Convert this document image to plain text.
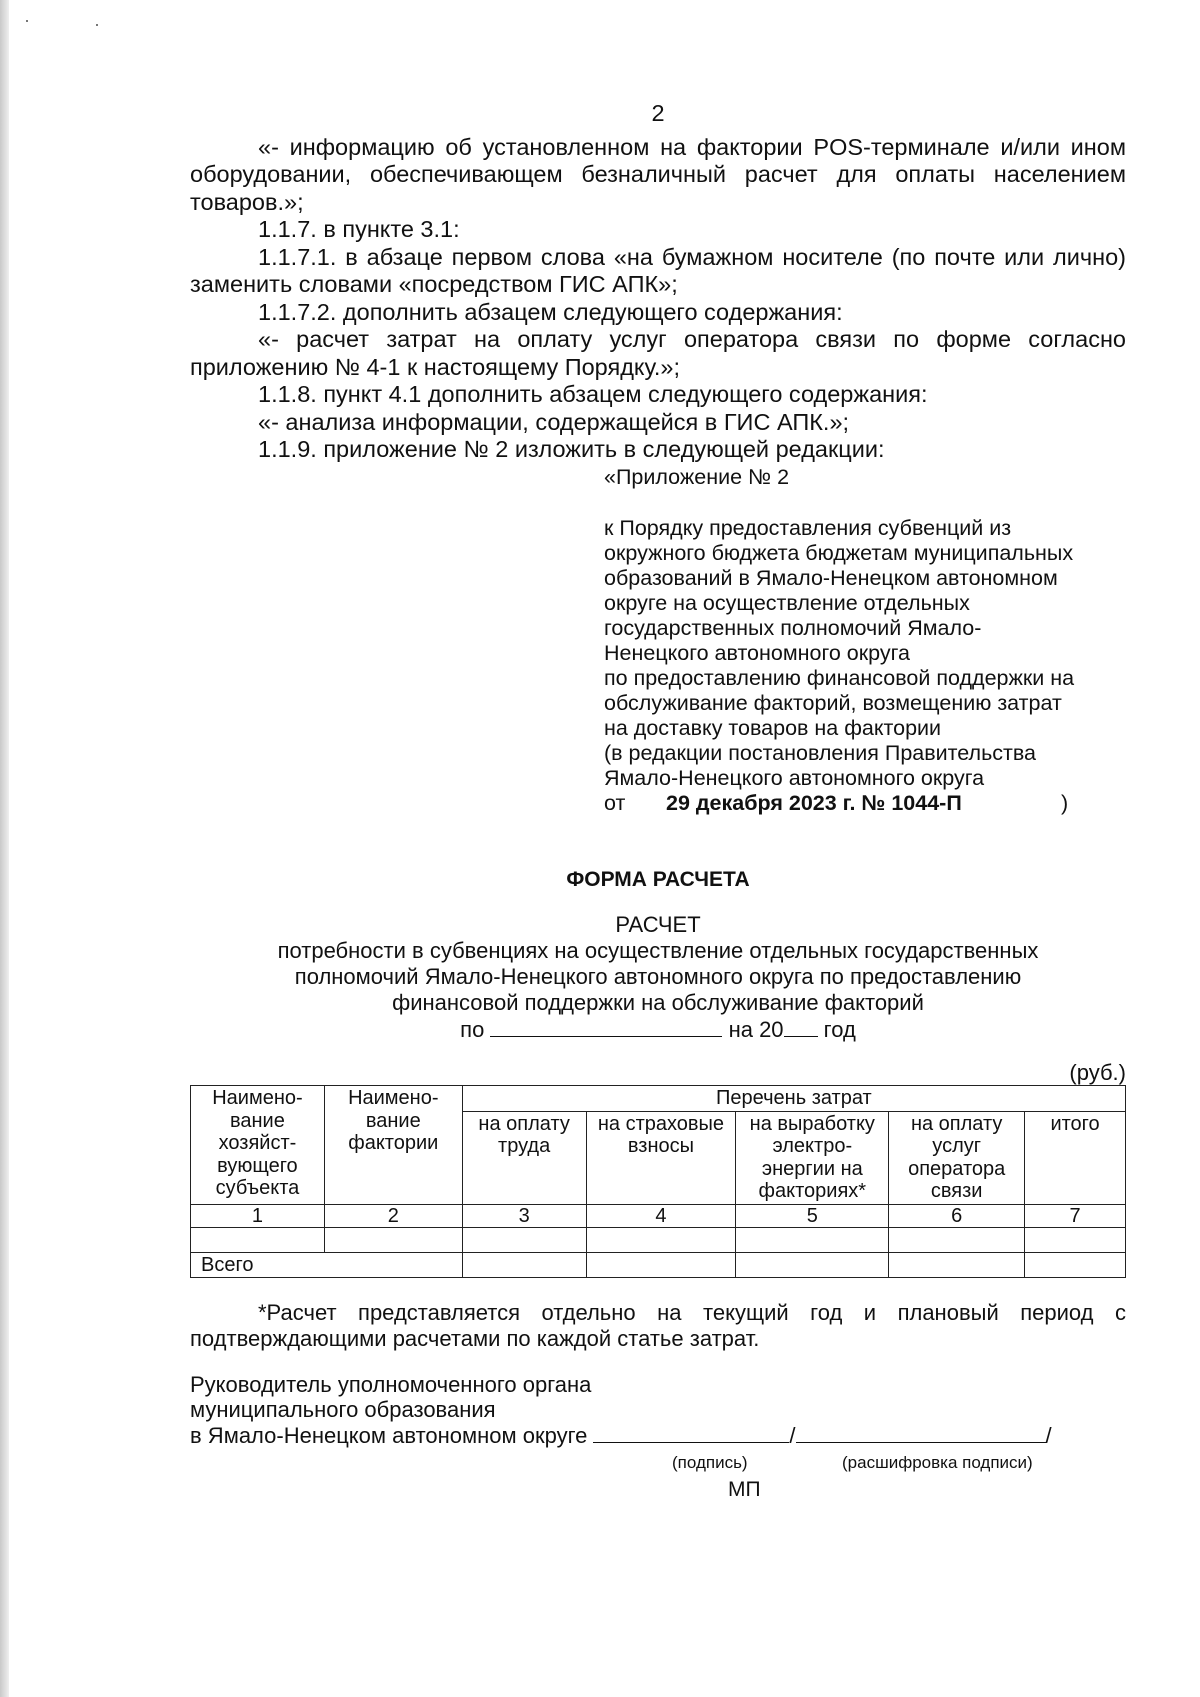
2

«- информацию об установленном на фактории POS-терминале и/или ином оборудовании, обеспечивающем безналичный расчет для оплаты населением товаров.»;

1.1.7. в пункте 3.1:

1.1.7.1. в абзаце первом слова «на бумажном носителе (по почте или лично) заменить словами «посредством ГИС АПК»;

1.1.7.2. дополнить абзацем следующего содержания:

«- расчет затрат на оплату услуг оператора связи по форме согласно приложению № 4-1 к настоящему Порядку.»;

1.1.8. пункт 4.1 дополнить абзацем следующего содержания:

«- анализа информации, содержащейся в ГИС АПК.»;

1.1.9. приложение № 2 изложить в следующей редакции:

«Приложение № 2
к Порядку предоставления субвенций из
окружного бюджета бюджетам муниципальных
образований в Ямало-Ненецком автономном
округе на осуществление отдельных
государственных полномочий Ямало-
Ненецкого автономного округа
по предоставлению финансовой поддержки на
обслуживание факторий, возмещению затрат
на доставку товаров на фактории
(в редакции постановления Правительства
Ямало-Ненецкого автономного округа
от	29 декабря 2023 г. № 1044-П	)
ФОРМА РАСЧЕТА
РАСЧЕТ
потребности в субвенциях на осуществление отдельных государственных
полномочий Ямало-Ненецкого автономного округа по предоставлению
финансовой поддержки на обслуживание факторий
по	на 20 год
(руб.)
Наимено-вание хозяйст-вующего субъекта	Наимено-вание фактории	Перечень затрат				
		на оплату труда	на страховые взносы	на выработку электро-энергии на факториях*	на оплату услуг оператора связи	итого
1	2	3	4	5	6	7

Всего						

*Расчет представляется отдельно на текущий год и плановый период с подтверждающими расчетами по каждой статье затрат.

Руководитель уполномоченного органа
муниципального образования
в Ямало-Ненецком автономном округе	/	/
(подпись)	(расшифровка подписи)
МП
